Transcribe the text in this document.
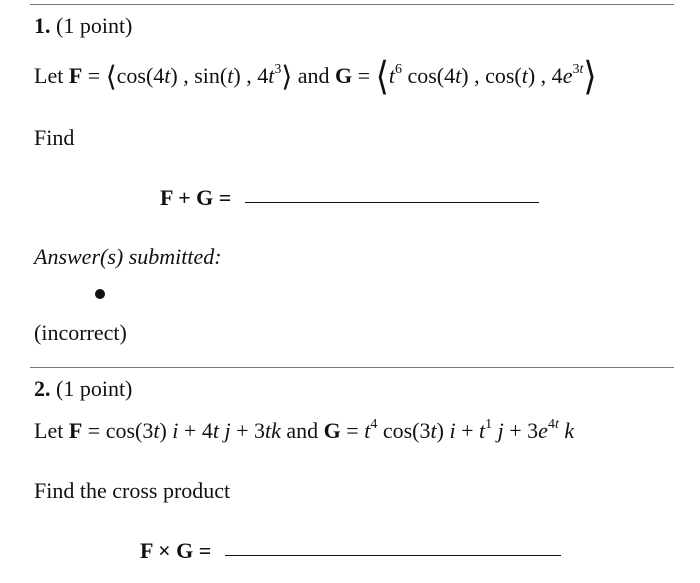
1. (1 point)
Let F = ⟨cos(4t) , sin(t) , $4t^3⟩$ and $G = ⟨t^6$ cos(4t) , cos(t) , $4e^{3t}⟩$
Find
F + G =
Answer(s) submitted:
(incorrect)
2. (1 point)
Let F = cos(3t) i + 4t j + 3tk and $G = t^4$ cos(3t) $i + t^1$ $j + 3e^{4t}$ k
Find the cross product
F × G =
